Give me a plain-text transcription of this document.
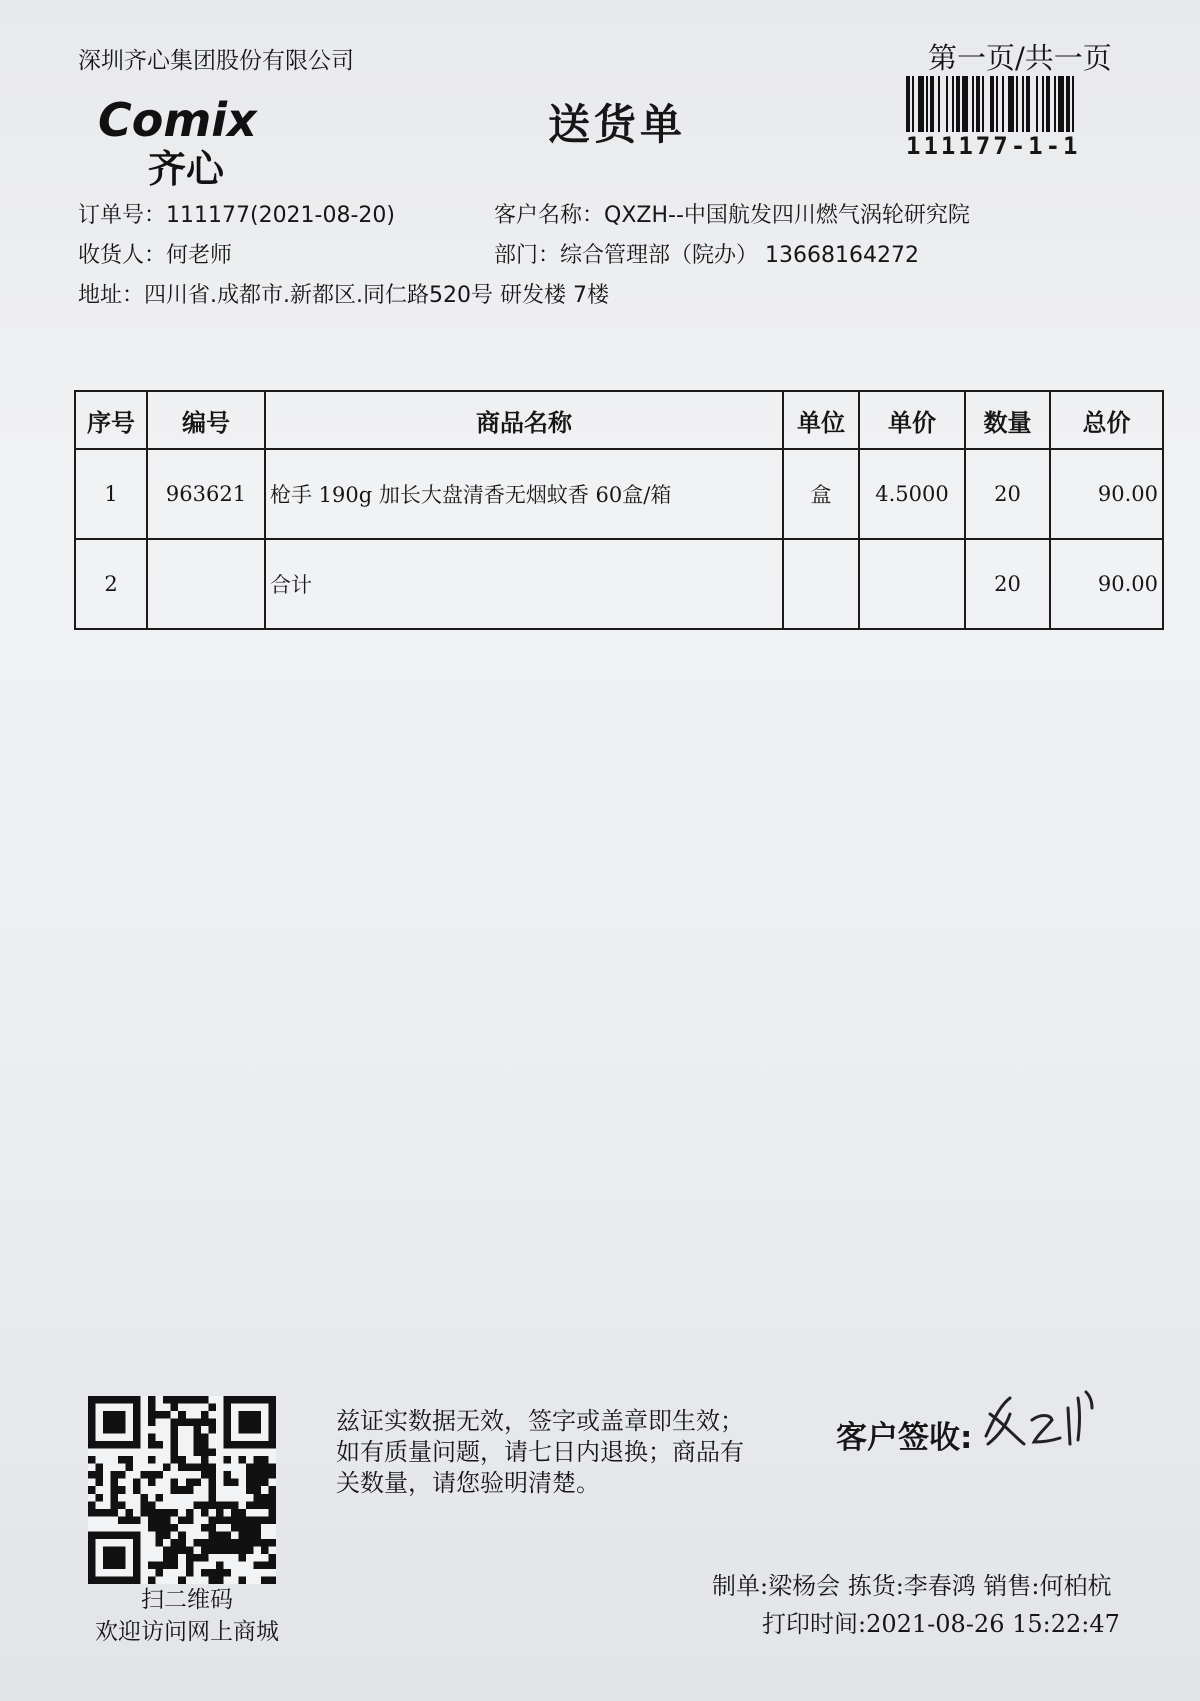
深圳齐心集团股份有限公司	第一页/共一页
111177-1-1
Comix
齐心
送货单
订单号：111177(2021-08-20)	客户名称：QXZH--中国航发四川燃气涡轮研究院
收货人：何老师	部门：综合管理部（院办） 13668164272
地址：四川省.成都市.新都区.同仁路520号 研发楼 7楼
序号	编号	商品名称	单位	单价	数量	总价
1	963621	枪手 190g 加长大盘清香无烟蚊香 60盒/箱	盒	4.5000	20	90.00
2		合计			20	90.00
扫二维码
欢迎访问网上商城
兹证实数据无效，签字或盖章即生效；如有质量问题，请七日内退换；商品有关数量，请您验明清楚。
客户签收:
制单:梁杨会 拣货:李春鸿 销售:何柏杭
打印时间:2021-08-26 15:22:47
